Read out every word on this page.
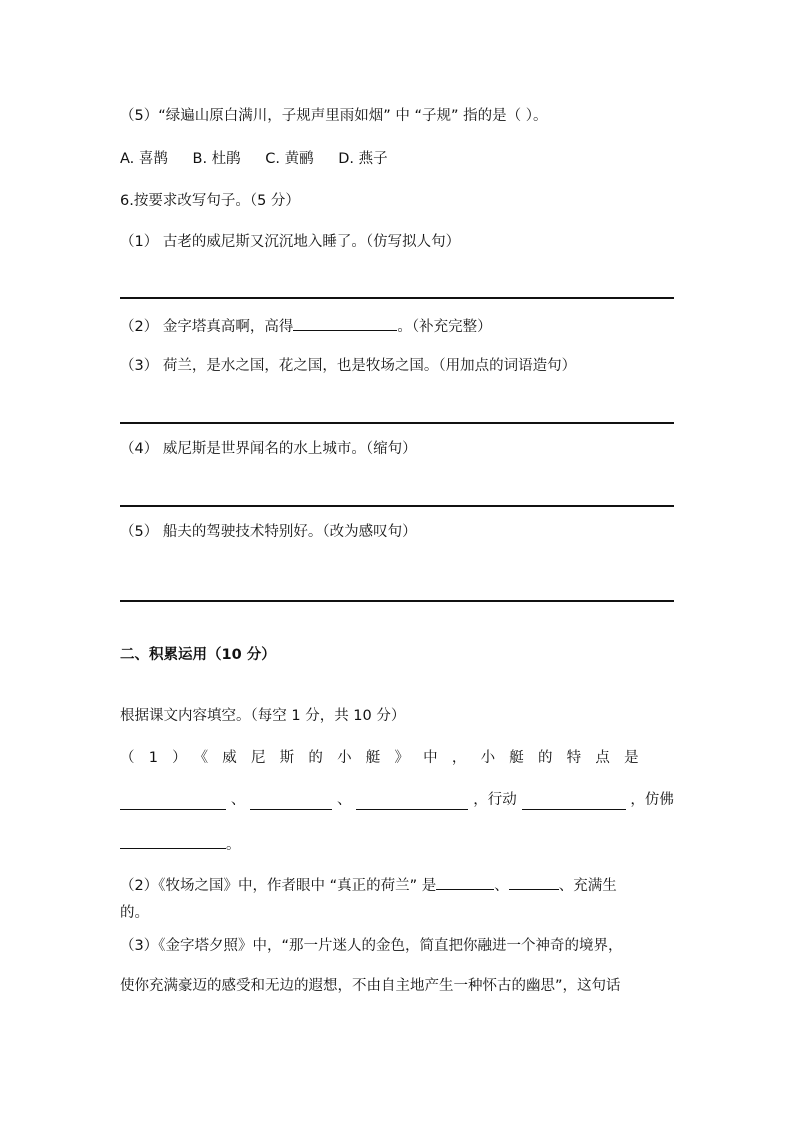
（5）“绿遍山原白满川，子规声里雨如烟” 中 “子规” 指的是（ ）。
A. 喜鹊 B. 杜鹃 C. 黄鹂 D. 燕子
6.按要求改写句子。（5 分）
（1） 古老的威尼斯又沉沉地入睡了。（仿写拟人句）
（2） 金字塔真高啊，高得	。（补充完整）
（3） 荷兰，是水之国，花之国，也是牧场之国。（用加点的词语造句）
（4） 威尼斯是世界闻名的水上城市。（缩句）
（5） 船夫的驾驶技术特别好。（改为感叹句）
二、积累运用（10 分）
根据课文内容填空。（每空 1 分，共 10 分）
（1）《威尼斯的小艇》中，小艇的特点是
、	、	，行动	，仿佛
。
（2）《牧场之国》中，作者眼中 “真正的荷兰” 是	、	、充满生
的。
（3）《金字塔夕照》中，“那一片迷人的金色，简直把你融进一个神奇的境界，
使你充满豪迈的感受和无边的遐想，不由自主地产生一种怀古的幽思”，这句话
